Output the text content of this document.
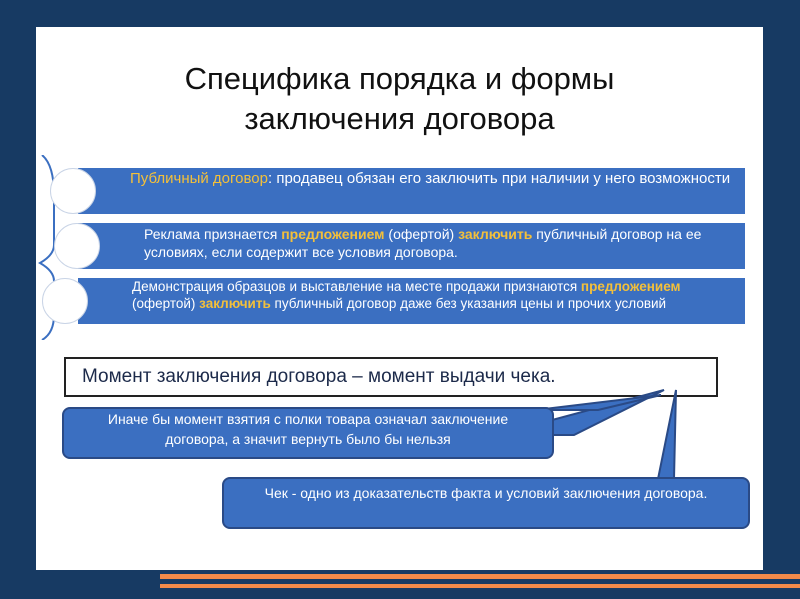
Специфика порядка и формы
заключения договора
Публичный договор: продавец обязан его заключить при наличии у него возможности
Реклама признается предложением (офертой) заключить публичный договор на ее условиях, если содержит все условия договора.
Демонстрация образцов и выставление на месте продажи признаются предложением (офертой) заключить публичный договор даже без указания цены и прочих условий
Момент заключения договора – момент выдачи чека.
Иначе бы момент взятия с полки товара означал заключение договора, а значит вернуть было бы нельзя
Чек - одно из доказательств факта и условий заключения договора.
